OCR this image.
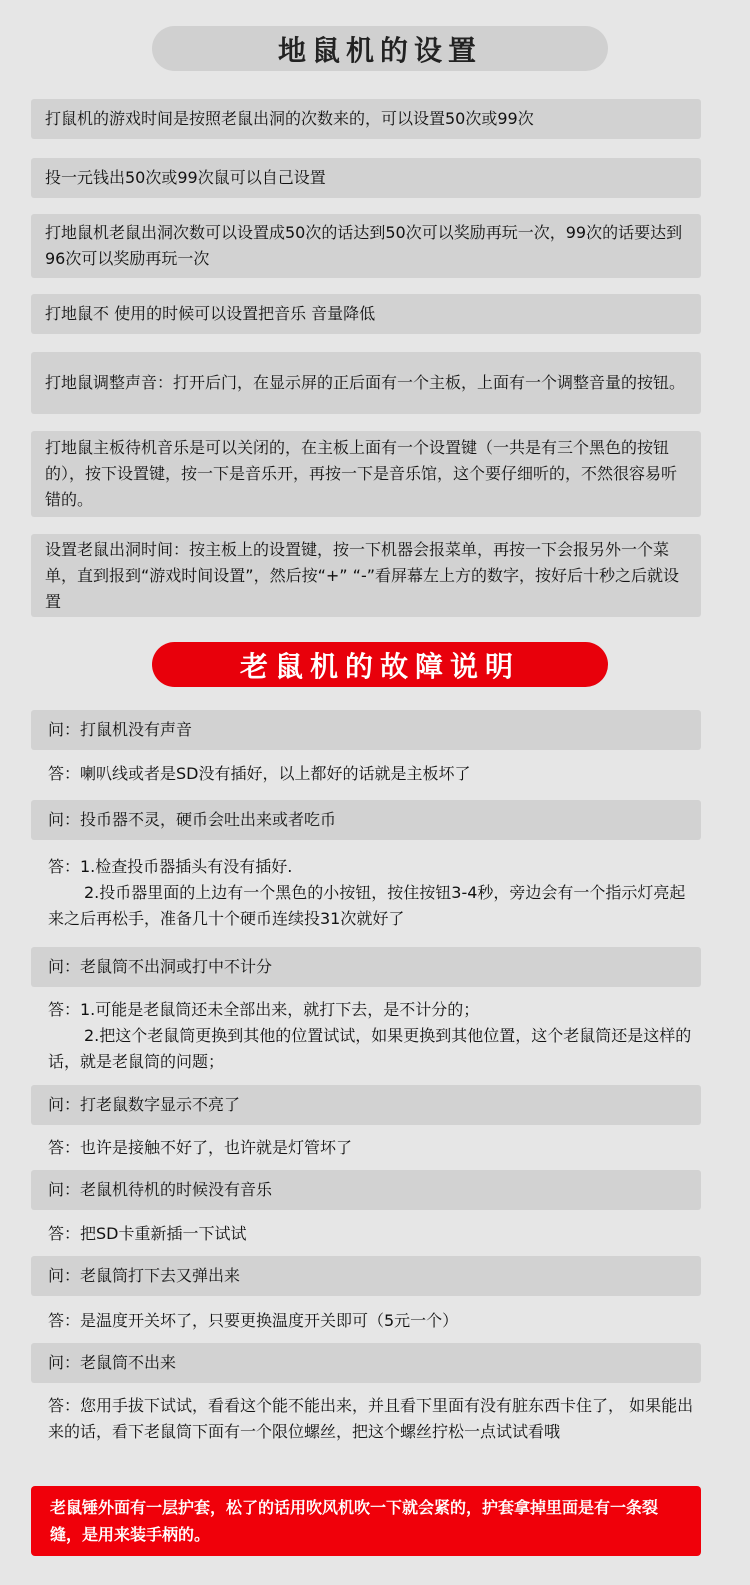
地鼠机的设置
打鼠机的游戏时间是按照老鼠出洞的次数来的，可以设置50次或99次
投一元钱出50次或99次鼠可以自己设置
打地鼠机老鼠出洞次数可以设置成50次的话达到50次可以奖励再玩一次，99次的话要达到96次可以奖励再玩一次
打地鼠不 使用的时候可以设置把音乐 音量降低
打地鼠调整声音：打开后门，在显示屏的正后面有一个主板，上面有一个调整音量的按钮。
打地鼠主板待机音乐是可以关闭的，在主板上面有一个设置键（一共是有三个黑色的按钮的），按下设置键，按一下是音乐开，再按一下是音乐馆，这个要仔细听的，不然很容易听错的。
设置老鼠出洞时间：按主板上的设置键，按一下机器会报菜单，再按一下会报另外一个菜单，直到报到“游戏时间设置”，然后按“+” “-”看屏幕左上方的数字，按好后十秒之后就设置
老鼠机的故障说明
问：打鼠机没有声音
答：喇叭线或者是SD没有插好，以上都好的话就是主板坏了
问：投币器不灵，硬币会吐出来或者吃币
答：1.检查投币器插头有没有插好.
2.投币器里面的上边有一个黑色的小按钮，按住按钮3-4秒，旁边会有一个指示灯亮起来之后再松手，准备几十个硬币连续投31次就好了
问：老鼠筒不出洞或打中不计分
答：1.可能是老鼠筒还未全部出来，就打下去，是不计分的；
2.把这个老鼠筒更换到其他的位置试试，如果更换到其他位置，这个老鼠筒还是这样的话，就是老鼠筒的问题；
问：打老鼠数字显示不亮了
答：也许是接触不好了，也许就是灯管坏了
问：老鼠机待机的时候没有音乐
答：把SD卡重新插一下试试
问：老鼠筒打下去又弹出来
答：是温度开关坏了，只要更换温度开关即可（5元一个）
问：老鼠筒不出来
答：您用手拔下试试，看看这个能不能出来，并且看下里面有没有脏东西卡住了， 如果能出来的话，看下老鼠筒下面有一个限位螺丝，把这个螺丝拧松一点试试看哦
老鼠锤外面有一层护套，松了的话用吹风机吹一下就会紧的，护套拿掉里面是有一条裂缝，是用来装手柄的。
